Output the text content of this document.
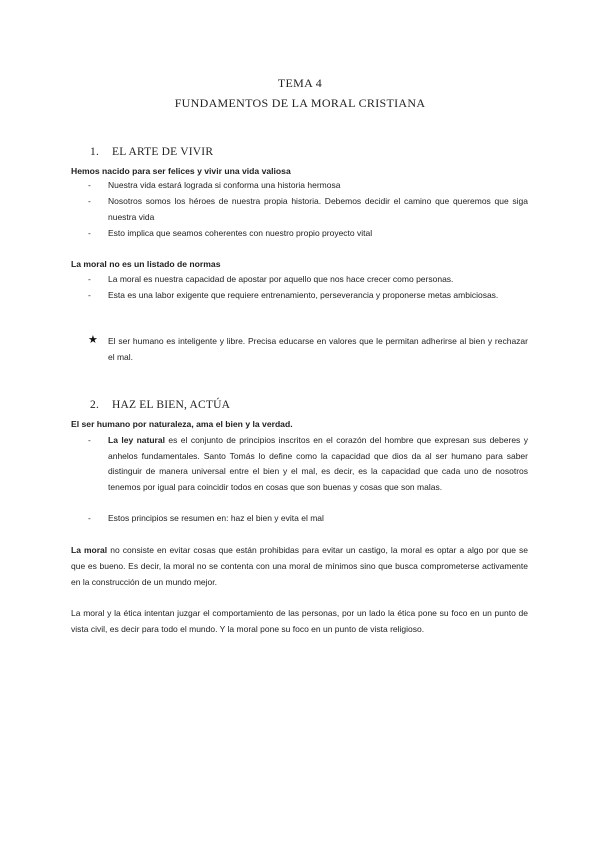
TEMA 4
FUNDAMENTOS DE LA MORAL CRISTIANA
1. EL ARTE DE VIVIR
Hemos nacido para ser felices y vivir una vida valiosa
- Nuestra vida estará lograda si conforma una historia hermosa
- Nosotros somos los héroes de nuestra propia historia. Debemos decidir el camino que queremos que siga nuestra vida
- Esto implica que seamos coherentes con nuestro propio proyecto vital
La moral no es un listado de normas
- La moral es nuestra capacidad de apostar por aquello que nos hace crecer como personas.
- Esta es una labor exigente que requiere entrenamiento, perseverancia y proponerse metas ambiciosas.
★ El ser humano es inteligente y libre. Precisa educarse en valores que le permitan adherirse al bien y rechazar el mal.
2. HAZ EL BIEN, ACTÚA
El ser humano por naturaleza, ama el bien y la verdad.
- La ley natural es el conjunto de principios inscritos en el corazón del hombre que expresan sus deberes y anhelos fundamentales. Santo Tomás lo define como la capacidad que dios da al ser humano para saber distinguir de manera universal entre el bien y el mal, es decir, es la capacidad que cada uno de nosotros tenemos por igual para coincidir todos en cosas que son buenas y cosas que son malas.
- Estos principios se resumen en: haz el bien y evita el mal
La moral no consiste en evitar cosas que están prohibidas para evitar un castigo, la moral es optar a algo por que se que es bueno. Es decir, la moral no se contenta con una moral de mínimos sino que busca comprometerse activamente en la construcción de un mundo mejor.
La moral y la ética intentan juzgar el comportamiento de las personas, por un lado la ética pone su foco en un punto de vista civil, es decir para todo el mundo. Y la moral pone su foco en un punto de vista religioso.
